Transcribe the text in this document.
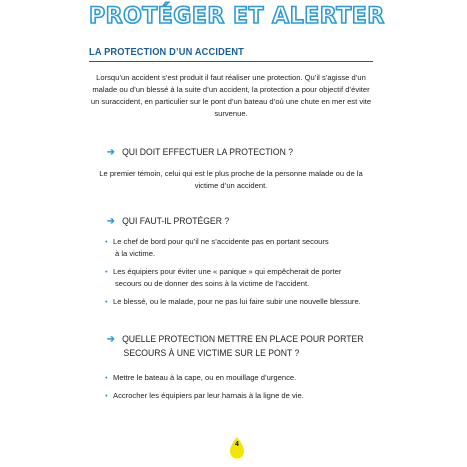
PROTÉGER ET ALERTER
LA PROTECTION D’UN ACCIDENT

Lorsqu’un accident s’est produit il faut réaliser une protection. Qu’il s’agisse d’un
malade ou d’un blessé à la suite d’un accident, la protection a pour objectif d’éviter
un suraccident, en particulier sur le pont d’un bateau d’où une chute en mer est vite
survenue.

➔ QUI DOIT EFFECTUER LA PROTECTION ?

Le premier témoin, celui qui est le plus proche de la personne malade ou de la
victime d’un accident.

➔ QUI FAUT-IL PROTÉGER ?

• Le chef de bord pour qu’il ne s’accidente pas en portant secours
à la victime.
• Les équipiers pour éviter une « panique » qui empêcherait de porter
secours ou de donner des soins à la victime de l’accident.
• Le blessé, ou le malade, pour ne pas lui faire subir une nouvelle blessure.

➔ QUELLE PROTECTION METTRE EN PLACE POUR PORTER
SECOURS À UNE VICTIME SUR LE PONT ?

• Mettre le bateau à la cape, ou en mouillage d’urgence.
• Accrocher les équipiers par leur harnais à la ligne de vie.
4
